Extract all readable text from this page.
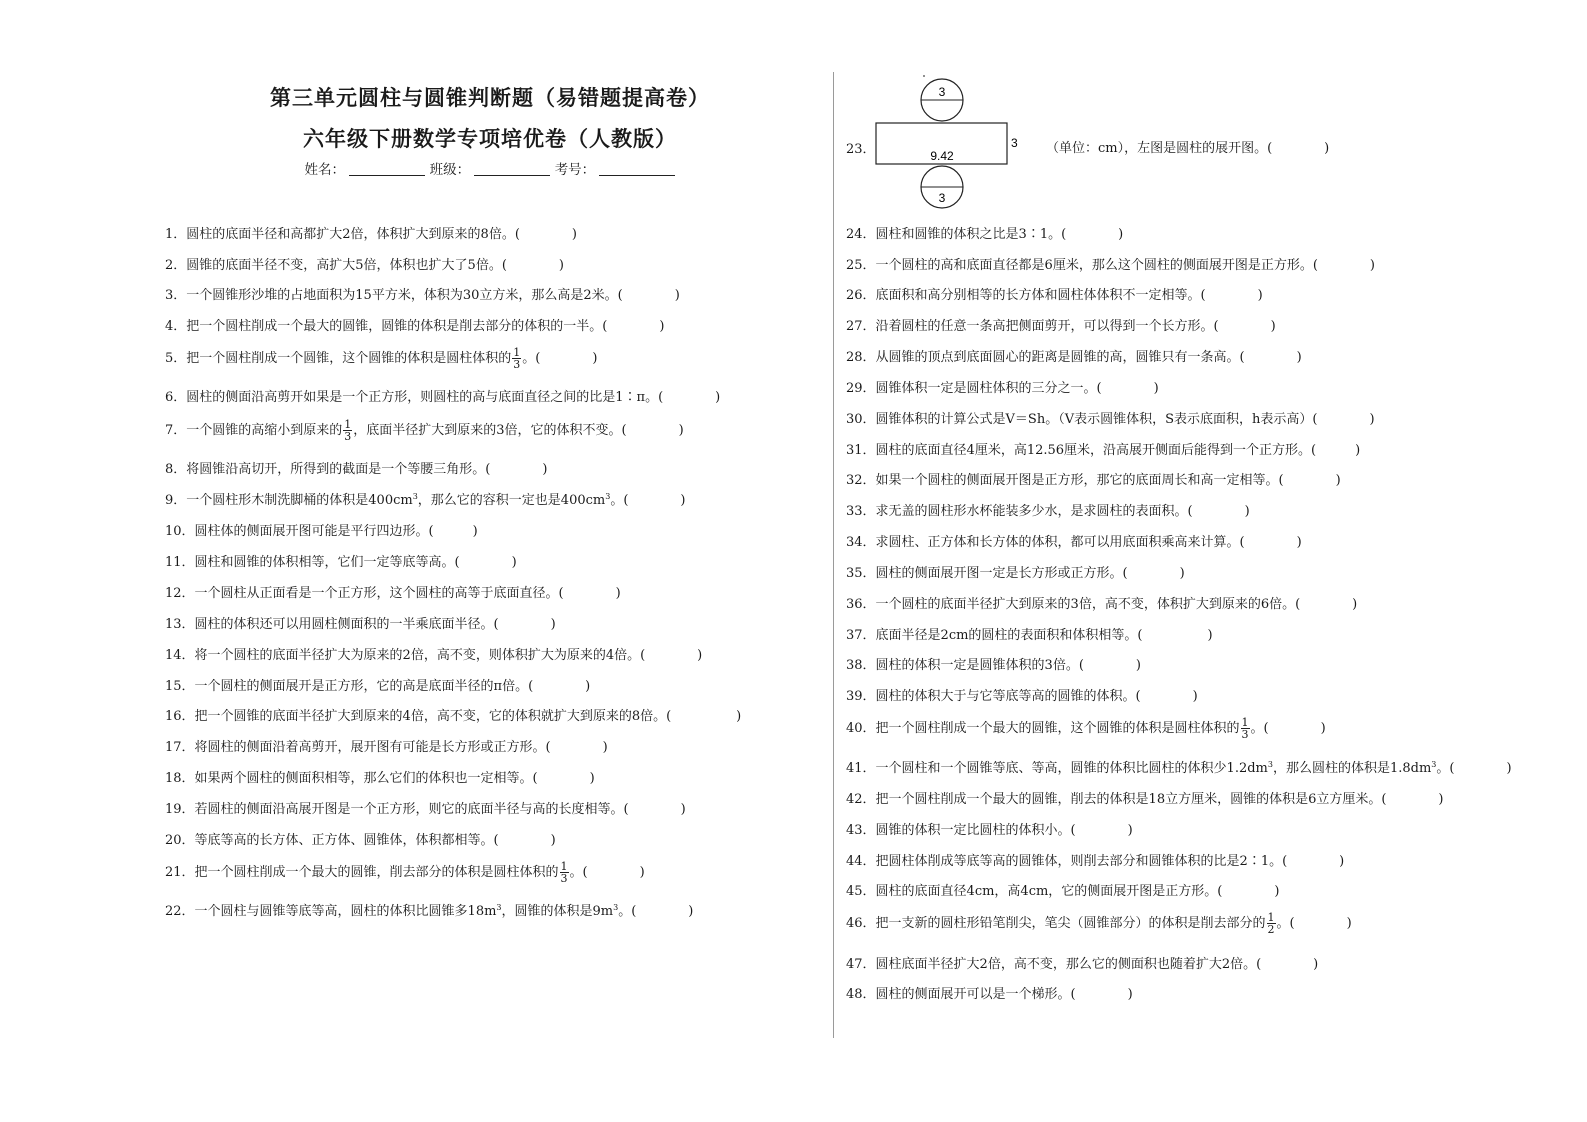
第三单元圆柱与圆锥判断题（易错题提高卷）
六年级下册数学专项培优卷（人教版）
姓名：	班级：	考号：
1．圆柱的底面半径和高都扩大2倍，体积扩大到原来的8倍。(　　　　)
2．圆锥的底面半径不变，高扩大5倍，体积也扩大了5倍。(　　　　)
3．一个圆锥形沙堆的占地面积为15平方米，体积为30立方米，那么高是2米。(　　　　)
4．把一个圆柱削成一个最大的圆锥，圆锥的体积是削去部分的体积的一半。(　　　　)
5．把一个圆柱削成一个圆锥，这个圆锥的体积是圆柱体积的 $\frac{1}{3}$ 。(　　　　)
6．圆柱的侧面沿高剪开如果是一个正方形，则圆柱的高与底面直径之间的比是1∶π。(　　　　)
7．一个圆锥的高缩小到原来的 $\frac{1}{3}$ ，底面半径扩大到原来的3倍，它的体积不变。(　　　　)
8．将圆锥沿高切开，所得到的截面是一个等腰三角形。(　　　　)
9．一个圆柱形木制洗脚桶的体积是$400cm^3$，那么它的容积一定也是$400cm^3$。(　　　　)
10．圆柱体的侧面展开图可能是平行四边形。(　　　)
11．圆柱和圆锥的体积相等，它们一定等底等高。(　　　　)
12．一个圆柱从正面看是一个正方形，这个圆柱的高等于底面直径。(　　　　)
13．圆柱的体积还可以用圆柱侧面积的一半乘底面半径。(　　　　)
14．将一个圆柱的底面半径扩大为原来的2倍，高不变，则体积扩大为原来的4倍。(　　　　)
15．一个圆柱的侧面展开是正方形，它的高是底面半径的π倍。(　　　　)
16．把一个圆锥的底面半径扩大到原来的4倍，高不变，它的体积就扩大到原来的8倍。(　　　　　)
17．将圆柱的侧面沿着高剪开，展开图有可能是长方形或正方形。(　　　　)
18．如果两个圆柱的侧面积相等，那么它们的体积也一定相等。(　　　　)
19．若圆柱的侧面沿高展开图是一个正方形，则它的底面半径与高的长度相等。(　　　　)
20．等底等高的长方体、正方体、圆锥体，体积都相等。(　　　　)
21．把一个圆柱削成一个最大的圆锥，削去部分的体积是圆柱体积的 $\frac{1}{3}$ 。(　　　　)
22．一个圆柱与圆锥等底等高，圆柱的体积比圆锥多$18m^3$，圆锥的体积是$9m^3$。(　　　　)
23．
3
9.42
3
3
（单位：cm），左图是圆柱的展开图。(　　　　)
24．圆柱和圆锥的体积之比是3∶1。(　　　　)
25．一个圆柱的高和底面直径都是6厘米，那么这个圆柱的侧面展开图是正方形。(　　　　)
26．底面积和高分别相等的长方体和圆柱体体积不一定相等。(　　　　)
27．沿着圆柱的任意一条高把侧面剪开，可以得到一个长方形。(　　　　)
28．从圆锥的顶点到底面圆心的距离是圆锥的高，圆锥只有一条高。(　　　　)
29．圆锥体积一定是圆柱体积的三分之一。(　　　　)
30．圆锥体积的计算公式是V＝Sh。（V表示圆锥体积，S表示底面积，h表示高）(　　　　)
31．圆柱的底面直径4厘米，高12.56厘米，沿高展开侧面后能得到一个正方形。(　　　)
32．如果一个圆柱的侧面展开图是正方形，那它的底面周长和高一定相等。(　　　　)
33．求无盖的圆柱形水杯能装多少水，是求圆柱的表面积。(　　　　)
34．求圆柱、正方体和长方体的体积，都可以用底面积乘高来计算。(　　　　)
35．圆柱的侧面展开图一定是长方形或正方形。(　　　　)
36．一个圆柱的底面半径扩大到原来的3倍，高不变，体积扩大到原来的6倍。(　　　　)
37．底面半径是2cm的圆柱的表面积和体积相等。(　　　　　)
38．圆柱的体积一定是圆锥体积的3倍。(　　　　)
39．圆柱的体积大于与它等底等高的圆锥的体积。(　　　　)
40．把一个圆柱削成一个最大的圆锥，这个圆锥的体积是圆柱体积的 $\frac{1}{3}$ 。(　　　　)
41．一个圆柱和一个圆锥等底、等高，圆锥的体积比圆柱的体积少$1.2dm^3$，那么圆柱的体积是$1.8dm^3$。(　　　　)
42．把一个圆柱削成一个最大的圆锥，削去的体积是18立方厘米，圆锥的体积是6立方厘米。(　　　　)
43．圆锥的体积一定比圆柱的体积小。(　　　　)
44．把圆柱体削成等底等高的圆锥体，则削去部分和圆锥体积的比是2∶1。(　　　　)
45．圆柱的底面直径4cm，高4cm，它的侧面展开图是正方形。(　　　　)
46．把一支新的圆柱形铅笔削尖，笔尖（圆锥部分）的体积是削去部分的 $\frac{1}{2}$ 。(　　　　)
47．圆柱底面半径扩大2倍，高不变，那么它的侧面积也随着扩大2倍。(　　　　)
48．圆柱的侧面展开可以是一个梯形。(　　　　)
